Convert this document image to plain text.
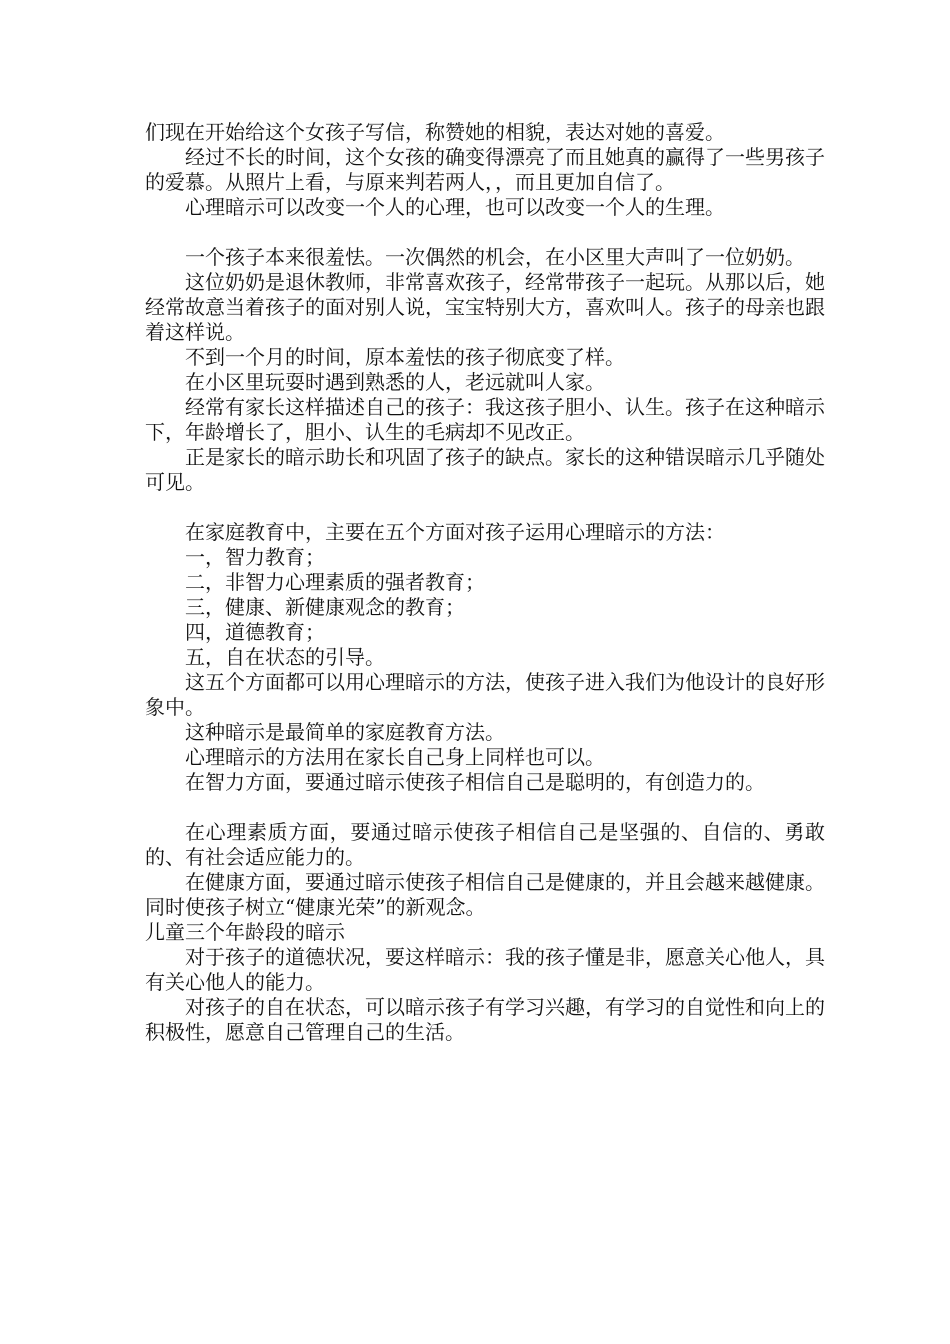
们现在开始给这个女孩子写信，称赞她的相貌，表达对她的喜爱。

经过不长的时间，这个女孩的确变得漂亮了而且她真的赢得了一些男孩子的爱慕。从照片上看，与原来判若两人，，而且更加自信了。

心理暗示可以改变一个人的心理，也可以改变一个人的生理。

一个孩子本来很羞怯。一次偶然的机会，在小区里大声叫了一位奶奶。

这位奶奶是退休教师，非常喜欢孩子，经常带孩子一起玩。从那以后，她经常故意当着孩子的面对别人说，宝宝特别大方，喜欢叫人。孩子的母亲也跟着这样说。

不到一个月的时间，原本羞怯的孩子彻底变了样。

在小区里玩耍时遇到熟悉的人，老远就叫人家。

经常有家长这样描述自己的孩子：我这孩子胆小、认生。孩子在这种暗示下，年龄增长了，胆小、认生的毛病却不见改正。

正是家长的暗示助长和巩固了孩子的缺点。家长的这种错误暗示几乎随处可见。

在家庭教育中，主要在五个方面对孩子运用心理暗示的方法：

一，智力教育；

二，非智力心理素质的强者教育；

三，健康、新健康观念的教育；

四，道德教育；

五，自在状态的引导。

这五个方面都可以用心理暗示的方法，使孩子进入我们为他设计的良好形象中。

这种暗示是最简单的家庭教育方法。

心理暗示的方法用在家长自己身上同样也可以。

在智力方面，要通过暗示使孩子相信自己是聪明的，有创造力的。

在心理素质方面，要通过暗示使孩子相信自己是坚强的、自信的、勇敢的、有社会适应能力的。

在健康方面，要通过暗示使孩子相信自己是健康的，并且会越来越健康。同时使孩子树立“健康光荣”的新观念。

儿童三个年龄段的暗示

对于孩子的道德状况，要这样暗示：我的孩子懂是非，愿意关心他人，具有关心他人的能力。

对孩子的自在状态，可以暗示孩子有学习兴趣，有学习的自觉性和向上的积极性，愿意自己管理自己的生活。
